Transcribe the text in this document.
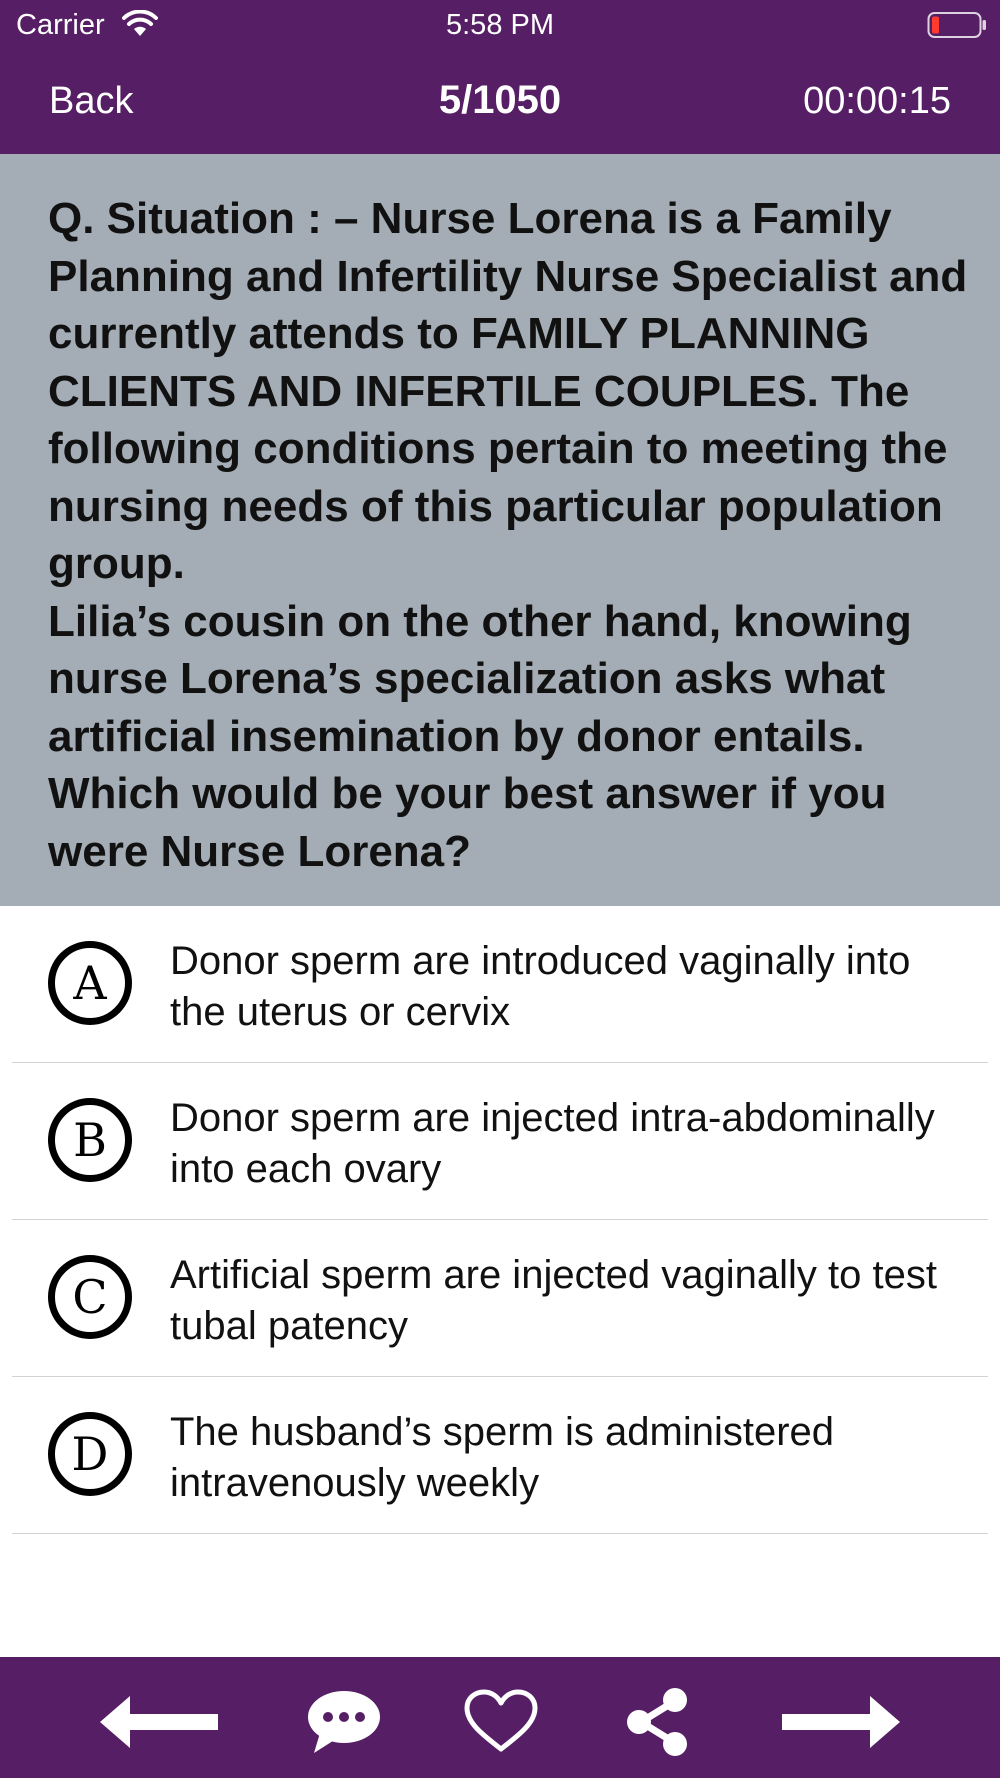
Carrier	5:58 PM
Back	5/1050	00:00:15
Q. Situation : – Nurse Lorena is a Family Planning and Infertility Nurse Specialist and currently attends to FAMILY PLANNING CLIENTS AND INFERTILE COUPLES. The following conditions pertain to meeting the nursing needs of this particular population group.
Lilia’s cousin on the other hand, knowing nurse Lorena’s specialization asks what artificial insemination by donor entails. Which would be your best answer if you were Nurse Lorena?
A	Donor sperm are introduced vaginally into the uterus or cervix
B	Donor sperm are injected intra-abdominally into each ovary
C	Artificial sperm are injected vaginally to test tubal patency
D	The husband’s sperm is administered intravenously weekly
